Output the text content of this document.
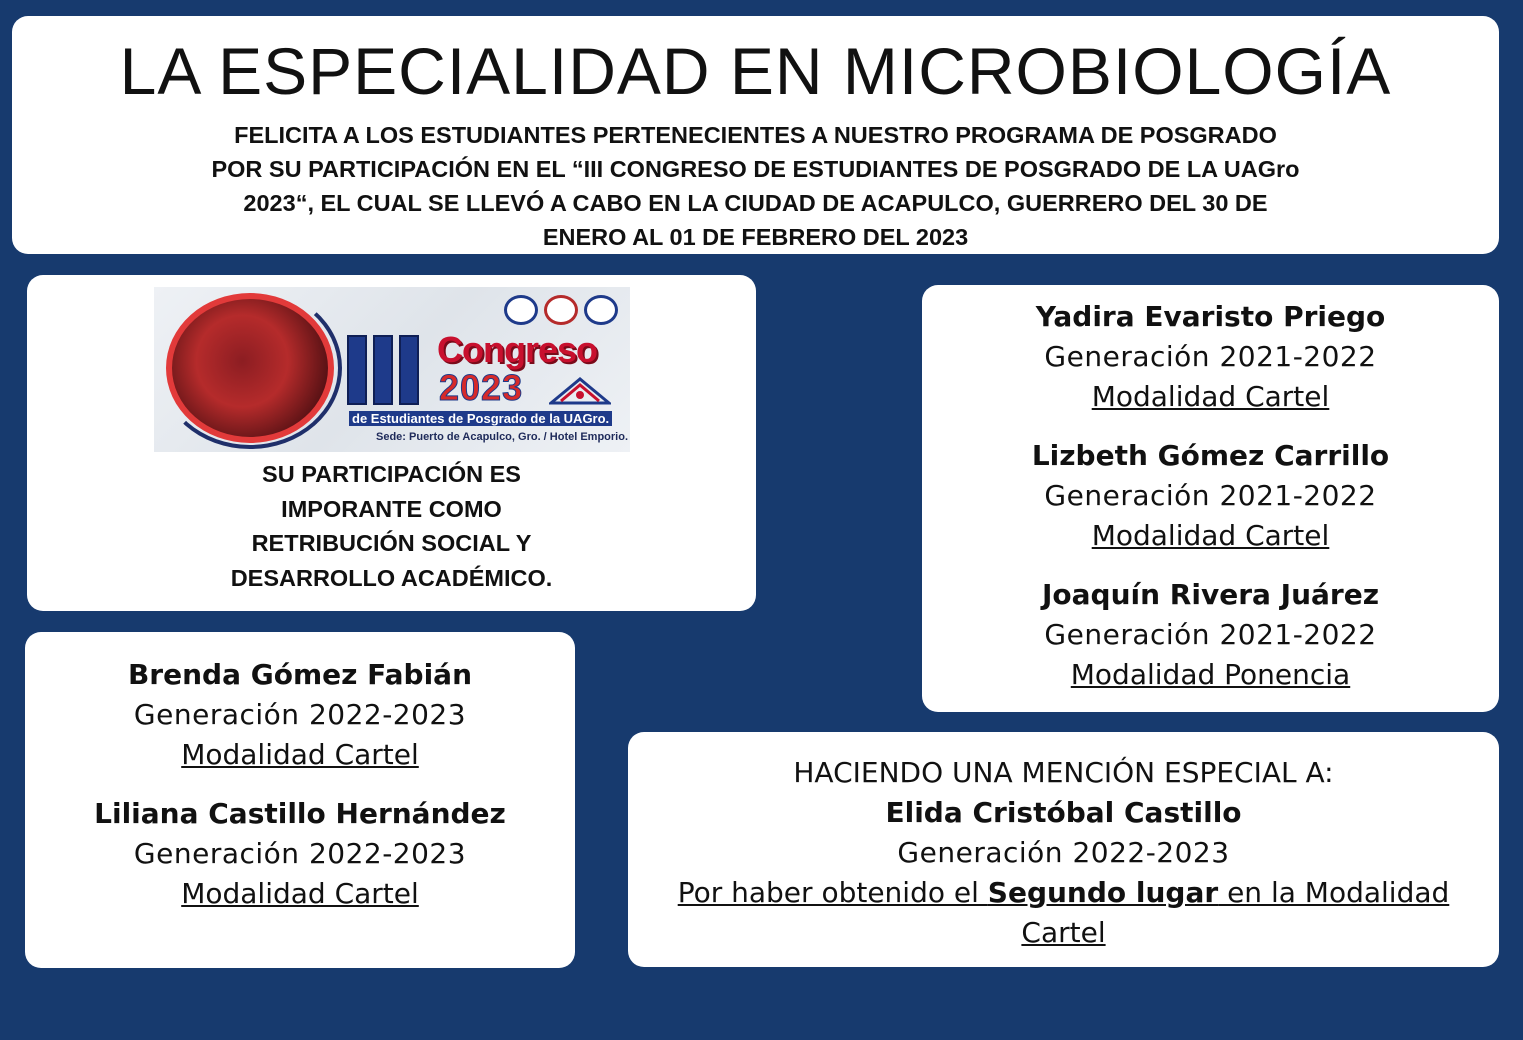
LA ESPECIALIDAD EN MICROBIOLOGÍA
FELICITA A LOS ESTUDIANTES PERTENECIENTES A NUESTRO PROGRAMA DE POSGRADO
POR SU PARTICIPACIÓN EN EL “III CONGRESO DE ESTUDIANTES DE POSGRADO DE LA UAGro
2023“, EL CUAL SE LLEVÓ A CABO EN LA CIUDAD DE ACAPULCO, GUERRERO DEL 30 DE
ENERO AL 01 DE FEBRERO DEL 2023
Congreso
2023
de Estudiantes de Posgrado de la UAGro.
Sede: Puerto de Acapulco, Gro. / Hotel Emporio.
SU PARTICIPACIÓN ES
IMPORANTE COMO
RETRIBUCIÓN SOCIAL Y
DESARROLLO ACADÉMICO.
Yadira Evaristo Priego
Generación 2021-2022
Modalidad Cartel
Lizbeth Gómez Carrillo
Generación 2021-2022
Modalidad Cartel
Joaquín Rivera Juárez
Generación 2021-2022
Modalidad Ponencia
Brenda Gómez Fabián
Generación 2022-2023
Modalidad Cartel
Liliana Castillo Hernández
Generación 2022-2023
Modalidad Cartel
HACIENDO UNA MENCIÓN ESPECIAL A:
Elida Cristóbal Castillo
Generación 2022-2023
Por haber obtenido el Segundo lugar en la Modalidad Cartel
